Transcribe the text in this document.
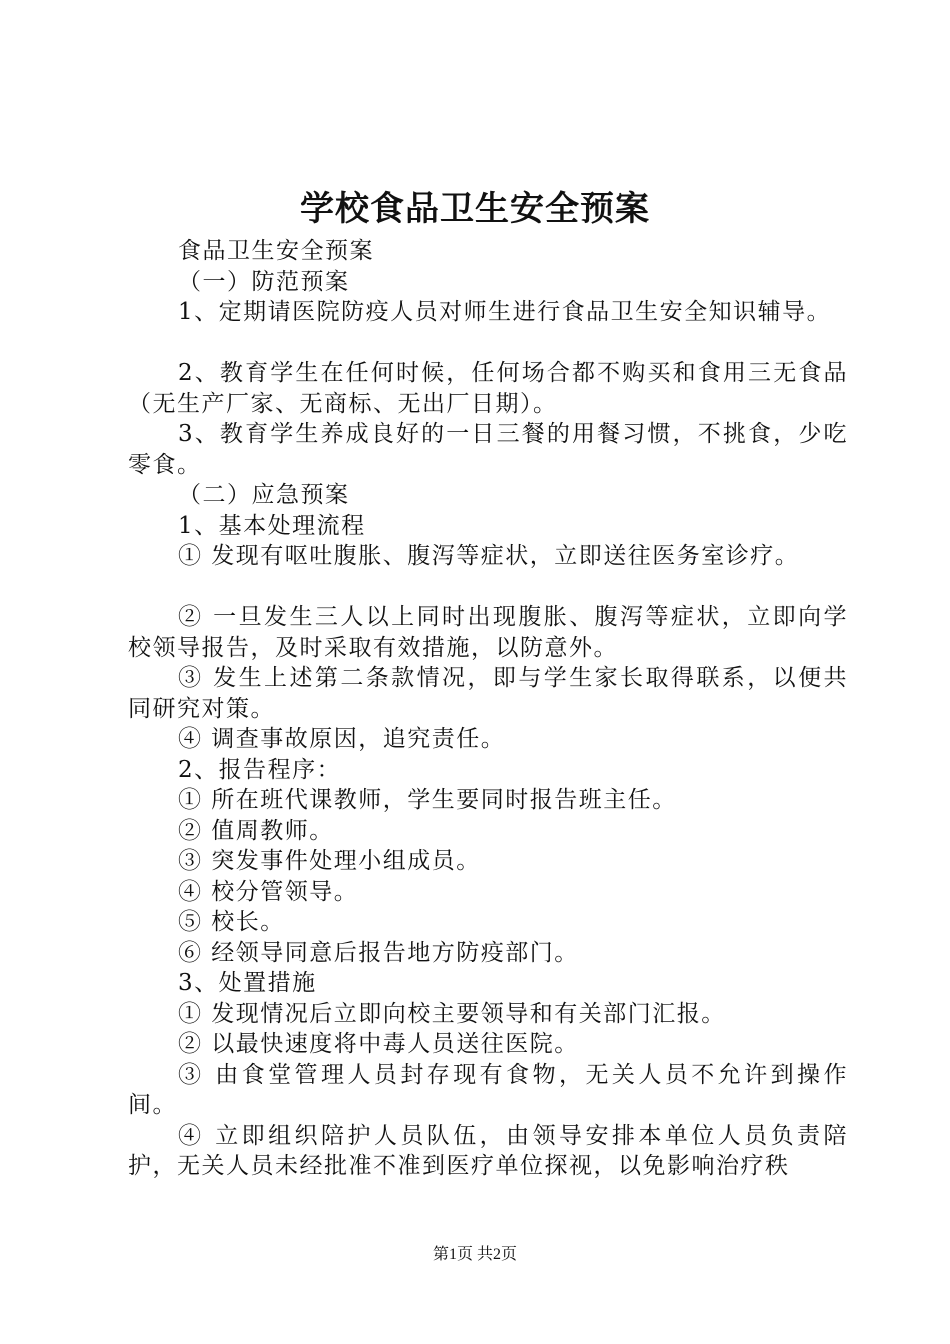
学校食品卫生安全预案

食品卫生安全预案

（一）防范预案

1、定期请医院防疫人员对师生进行食品卫生安全知识辅导。

2、教育学生在任何时候，任何场合都不购买和食用三无食品（无生产厂家、无商标、无出厂日期）。

3、教育学生养成良好的一日三餐的用餐习惯，不挑食，少吃零食。

（二）应急预案

1、基本处理流程

① 发现有呕吐腹胀、腹泻等症状，立即送往医务室诊疗。

② 一旦发生三人以上同时出现腹胀、腹泻等症状，立即向学校领导报告，及时采取有效措施，以防意外。

③ 发生上述第二条款情况，即与学生家长取得联系，以便共同研究对策。

④ 调查事故原因，追究责任。

2、报告程序：

① 所在班代课教师，学生要同时报告班主任。

② 值周教师。

③ 突发事件处理小组成员。

④ 校分管领导。

⑤ 校长。

⑥ 经领导同意后报告地方防疫部门。

3、处置措施

① 发现情况后立即向校主要领导和有关部门汇报。

② 以最快速度将中毒人员送往医院。

③ 由食堂管理人员封存现有食物，无关人员不允许到操作间。

④ 立即组织陪护人员队伍，由领导安排本单位人员负责陪护，无关人员未经批准不准到医疗单位探视，以免影响治疗秩

第1页 共2页
